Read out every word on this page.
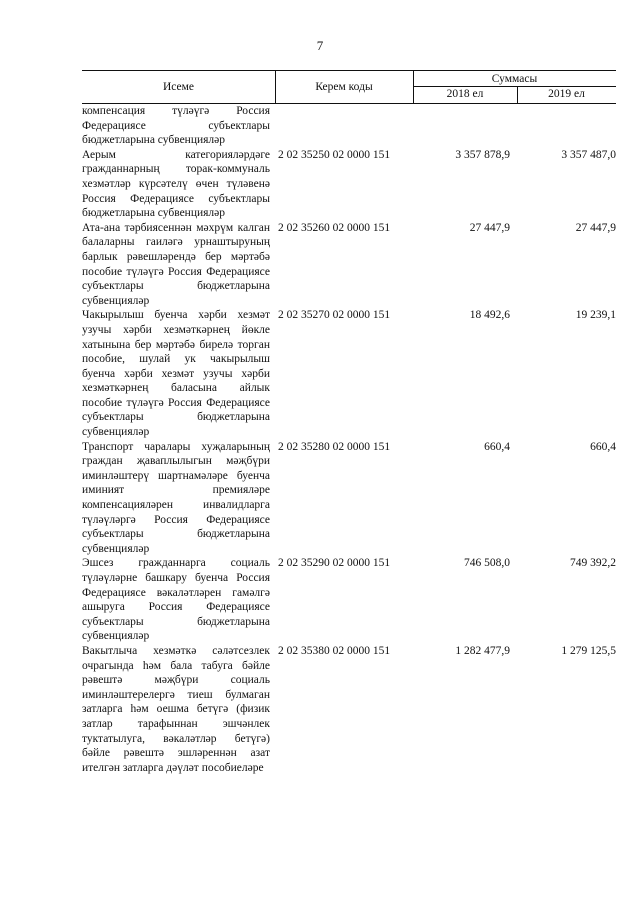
7
Исеме	Керем коды
Суммасы
2018 ел	2019 ел
компенсация түләүгә Россия Федерациясе субъектлары бюджетларына субвенцияләр
Аерым категорияләрдәге гражданнарның торак-коммуналь хезмәтләр күрсәтелү өчен түләвенә Россия Федерациясе субъектлары бюджетларына субвенцияләр
2 02 35250 02 0000 151	3 357 878,9	3 357 487,0
Ата-ана тәрбиясеннән мәхрүм калган балаларны гаиләгә урнаштыруның барлык рәвешләрендә бер мәртәбә пособие түләүгә Россия Федерациясе субъектлары бюджетларына субвенцияләр
2 02 35260 02 0000 151	27 447,9	27 447,9
Чакырылыш буенча хәрби хезмәт узучы хәрби хезмәткәрнең йөкле хатынына бер мәртәбә бирелә торган пособие, шулай ук чакырылыш буенча хәрби хезмәт узучы хәрби хезмәткәрнең баласына айлык пособие түләүгә Россия Федерациясе субъектлары бюджетларына субвенцияләр
2 02 35270 02 0000 151	18 492,6	19 239,1
Транспорт чаралары хуҗаларының граждан җаваплылыгын мәҗбүри иминләштерү шартнамәләре буенча иминият премияләре компенсацияләрен инвалидларга түләүләргә Россия Федерациясе субъектлары бюджетларына субвенцияләр
2 02 35280 02 0000 151	660,4	660,4
Эшсез гражданнарга социаль түләүләрне башкару буенча Россия Федерациясе вәкаләтләрен гамәлгә ашыруга Россия Федерациясе субъектлары бюджетларына субвенцияләр
2 02 35290 02 0000 151	746 508,0	749 392,2
Вакытлыча хезмәткә сәләтсезлек очрагында һәм бала табуга бәйле рәвештә мәҗбүри социаль иминләштерелергә тиеш булмаган затларга һәм оешма бетүгә (физик затлар тарафыннан эшчәнлек туктатылуга, вәкаләтләр бетүгә) бәйле рәвештә эшләреннән азат ителгән затларга дәүләт пособиеләре
2 02 35380 02 0000 151	1 282 477,9	1 279 125,5
